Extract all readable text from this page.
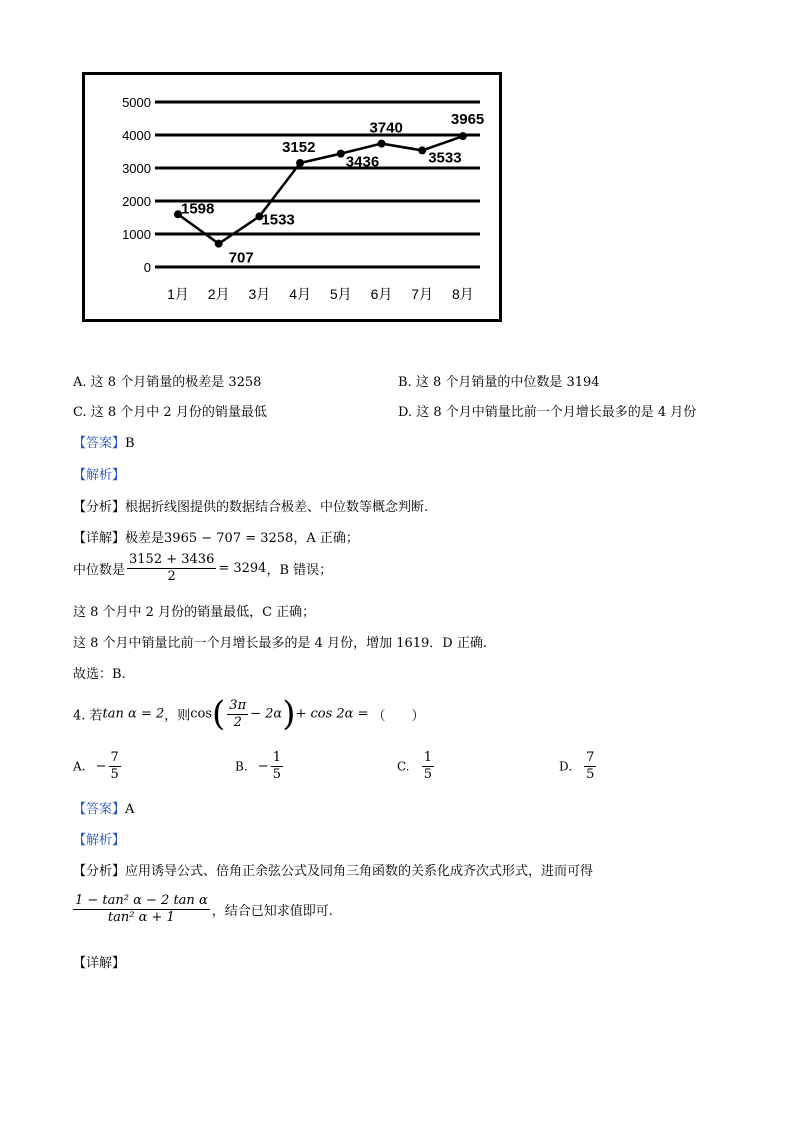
0
1000
2000
3000
4000
5000
1月 2月 3月 4月 5月 6月 7月 8月
1598
707
1533
3152
3436
3740
3533
3965
A. 这 8 个月销量的极差是 3258	B. 这 8 个月销量的中位数是 3194
C. 这 8 个月中 2 月份的销量最低	D. 这 8 个月中销量比前一个月增长最多的是 4 月份
【答案】B
【解析】
【分析】根据折线图提供的数据结合极差、中位数等概念判断.
【详解】极差是3965 − 707 = 3258，A 正确；
中位数是 $\frac{3152 + 3436}{2} = 3294$，B 错误；
这 8 个月中 2 月份的销量最低，C 正确；
这 8 个月中销量比前一个月增长最多的是 4 月份，增加 1619．D 正确.
故选：B.
4. 若tan α = 2，则$\cos( \frac{3\pi}{2} - 2\alpha)+ \cos 2\alpha$ = （　　）
A. − $\frac{7}{5}$	B. − $\frac{1}{5}$	C. $\frac{1}{5}$	D. $\frac{7}{5}$
【答案】A
【解析】
【分析】应用诱导公式、倍角正余弦公式及同角三角函数的关系化成齐次式形式，进而可得
$\frac{\text{1 − tan² α − 2 tan α}}{\text{tan² α + 1}}$ ，结合已知求值即可.
【详解】
